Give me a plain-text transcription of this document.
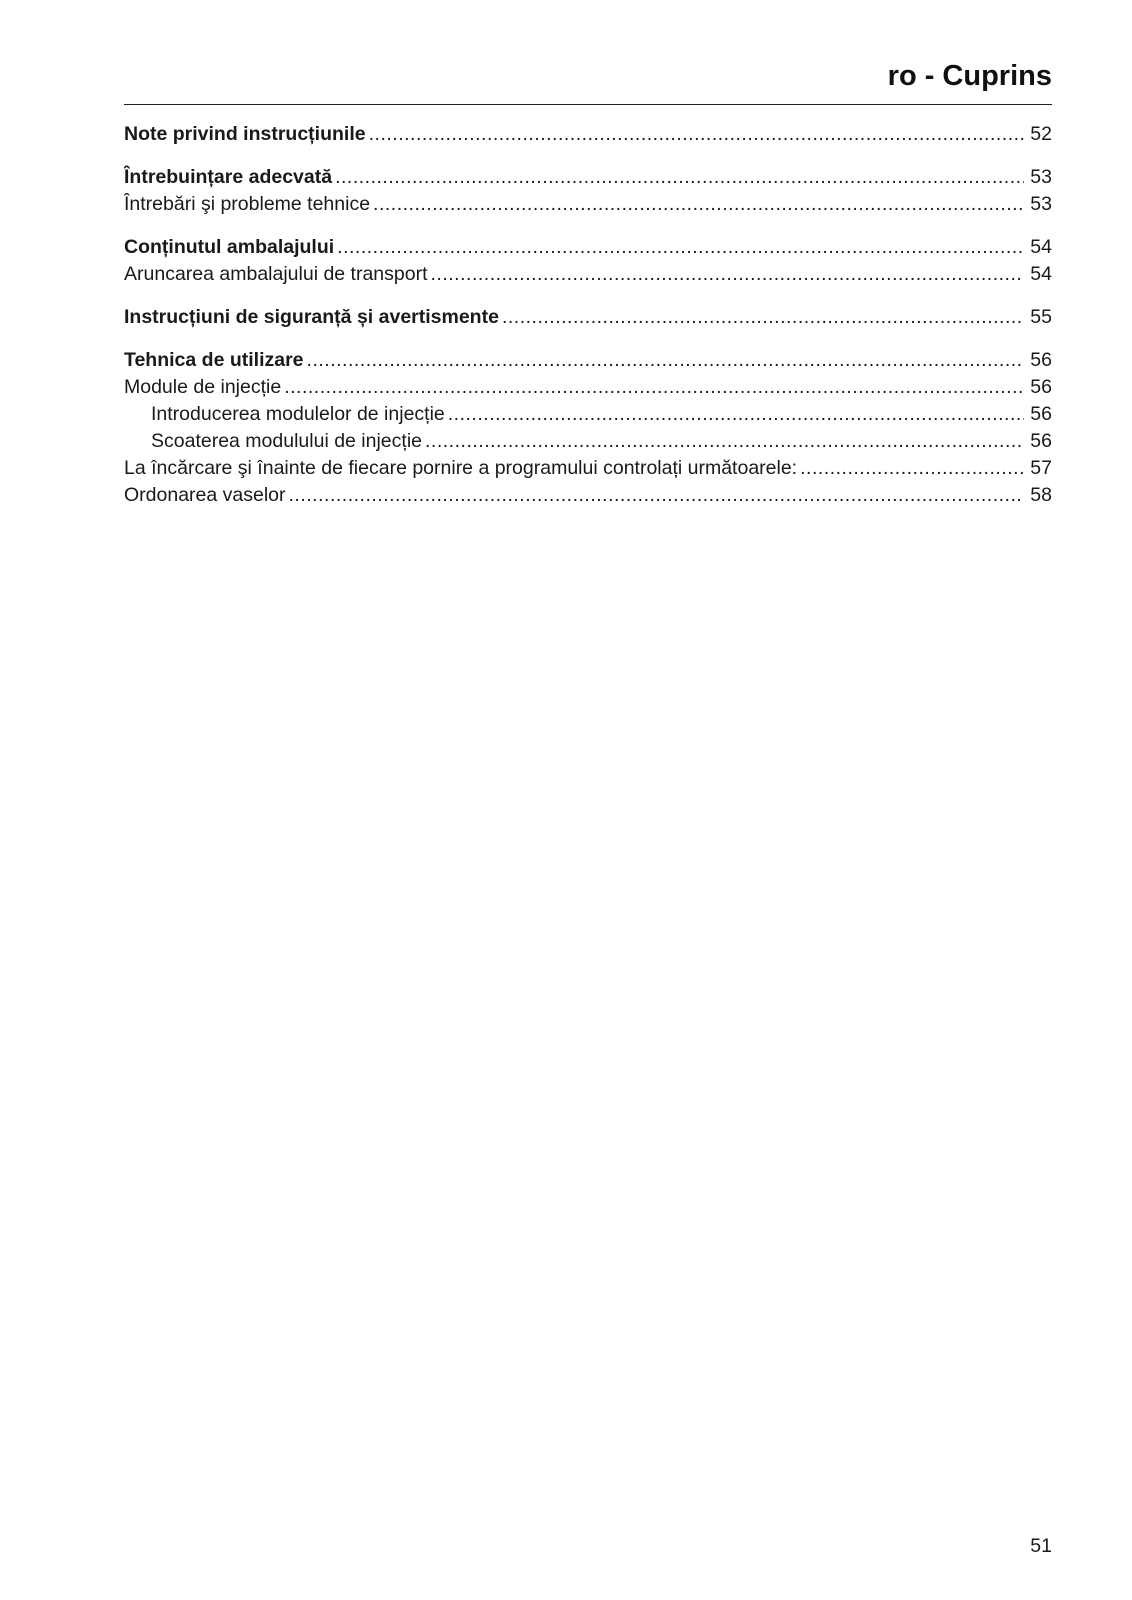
ro - Cuprins
Note privind instrucțiunile .....	52
Întrebuințare adecvată .....	53
Întrebări şi probleme tehnice .....	53
Conținutul ambalajului .....	54
Aruncarea ambalajului de transport .....	54
Instrucțiuni de siguranță și avertismente .....	55
Tehnica de utilizare .....	56
Module de injecție .....	56
Introducerea modulelor de injecție .....	56
Scoaterea modulului de injecție .....	56
La încărcare şi înainte de fiecare pornire a programului controlați următoarele: .....	57
Ordonarea vaselor .....	58
51
